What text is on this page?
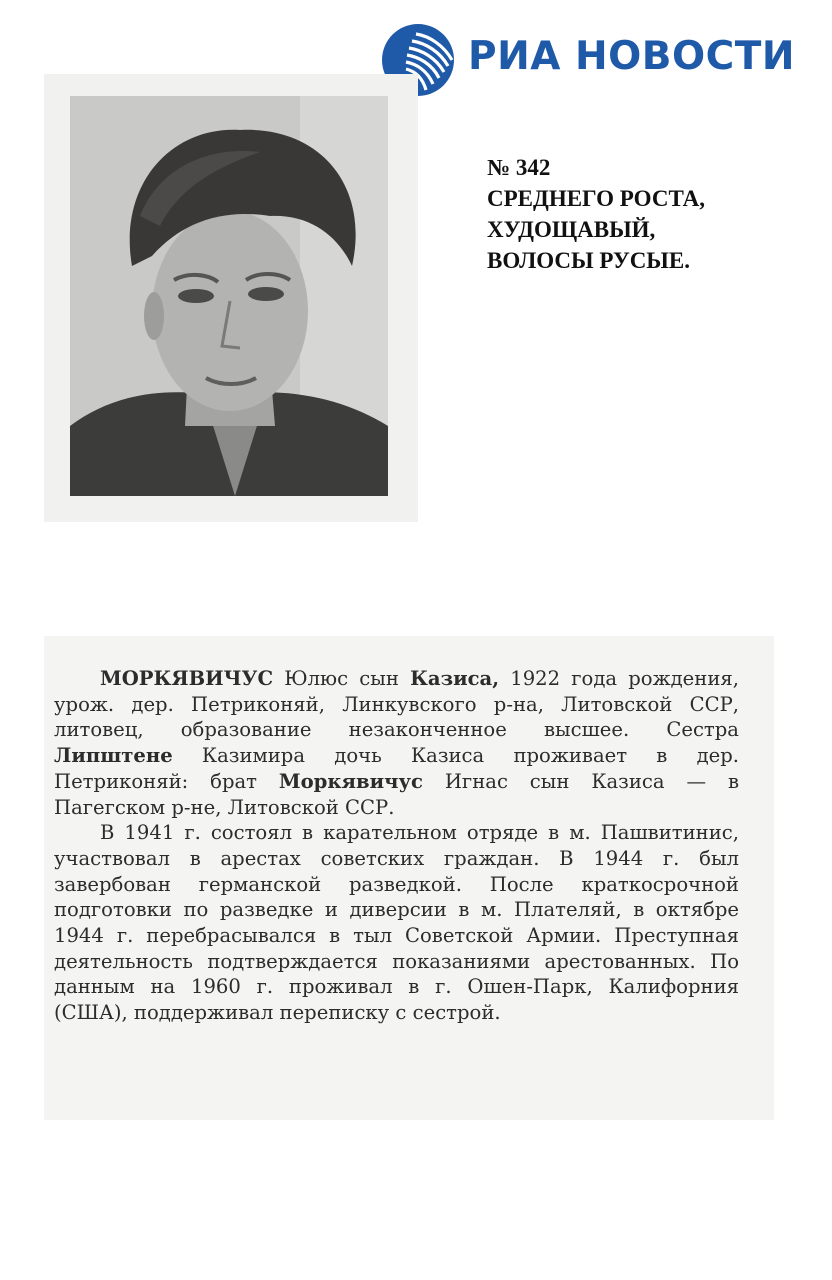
РИА НОВОСТИ
№ 342
СРЕДНЕГО РОСТА,
ХУДОЩАВЫЙ,
ВОЛОСЫ РУСЫЕ.

МОРКЯВИЧУС Юлюс сын Казиса, 1922 года рождения, урож. дер. Петриконяй, Линкувского р-на, Литовской ССР, литовец, образование незаконченное высшее. Сестра Липштене Казимира дочь Казиса проживает в дер. Петриконяй: брат Моркявичус Игнас сын Казиса — в Пагегском р-не, Литовской ССР.

В 1941 г. состоял в карательном отряде в м. Пашвитинис, участвовал в арестах советских граждан. В 1944 г. был завербован германской разведкой. После краткосрочной подготовки по разведке и диверсии в м. Плателяй, в октябре 1944 г. перебрасывался в тыл Советской Армии. Преступная деятельность подтверждается показаниями арестованных. По данным на 1960 г. проживал в г. Ошен-Парк, Калифорния (США), поддерживал переписку с сестрой.
